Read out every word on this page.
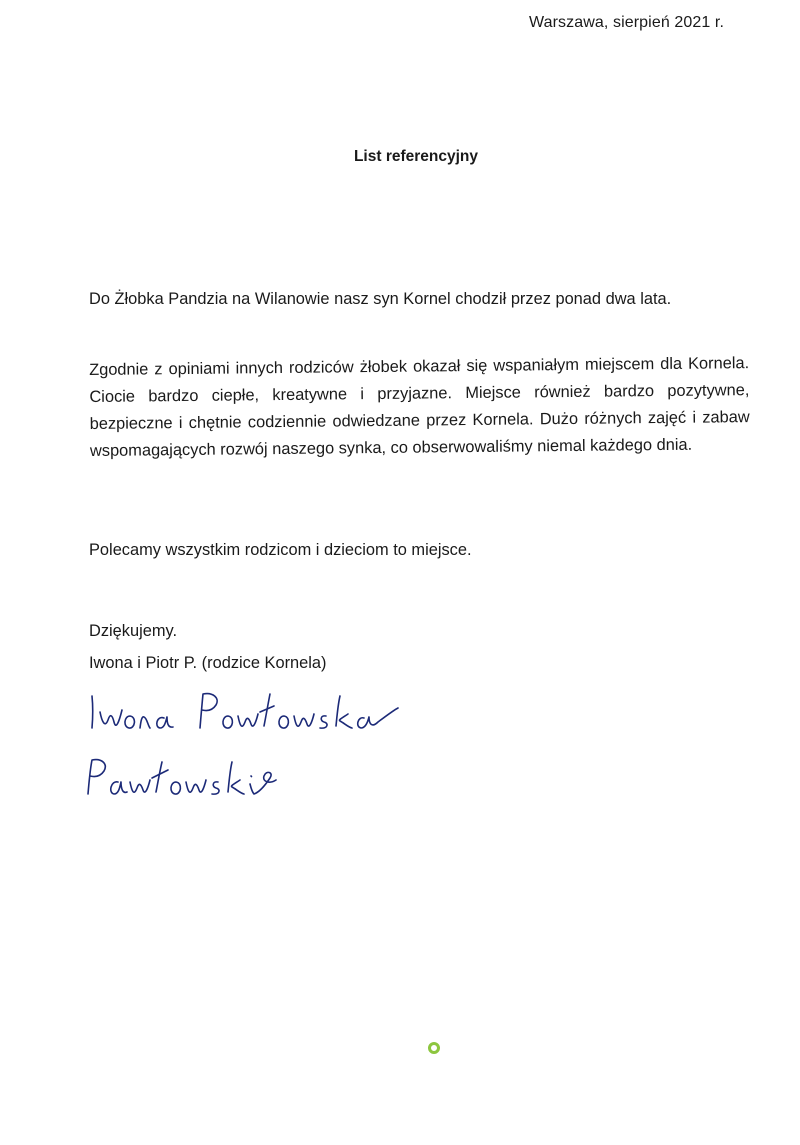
Warszawa, sierpień 2021 r.
List referencyjny
Do Żłobka Pandzia na Wilanowie nasz syn Kornel chodził przez ponad dwa lata.
Zgodnie z opiniami innych rodziców żłobek okazał się wspaniałym miejscem dla Kornela. Ciocie bardzo ciepłe, kreatywne i przyjazne. Miejsce również bardzo pozytywne, bezpieczne i chętnie codziennie odwiedzane przez Kornela. Dużo różnych zajęć i zabaw wspomagających rozwój naszego synka, co obserwowaliśmy niemal każdego dnia.
Polecamy wszystkim rodzicom i dzieciom to miejsce.
Dziękujemy.
Iwona i Piotr P. (rodzice Kornela)
